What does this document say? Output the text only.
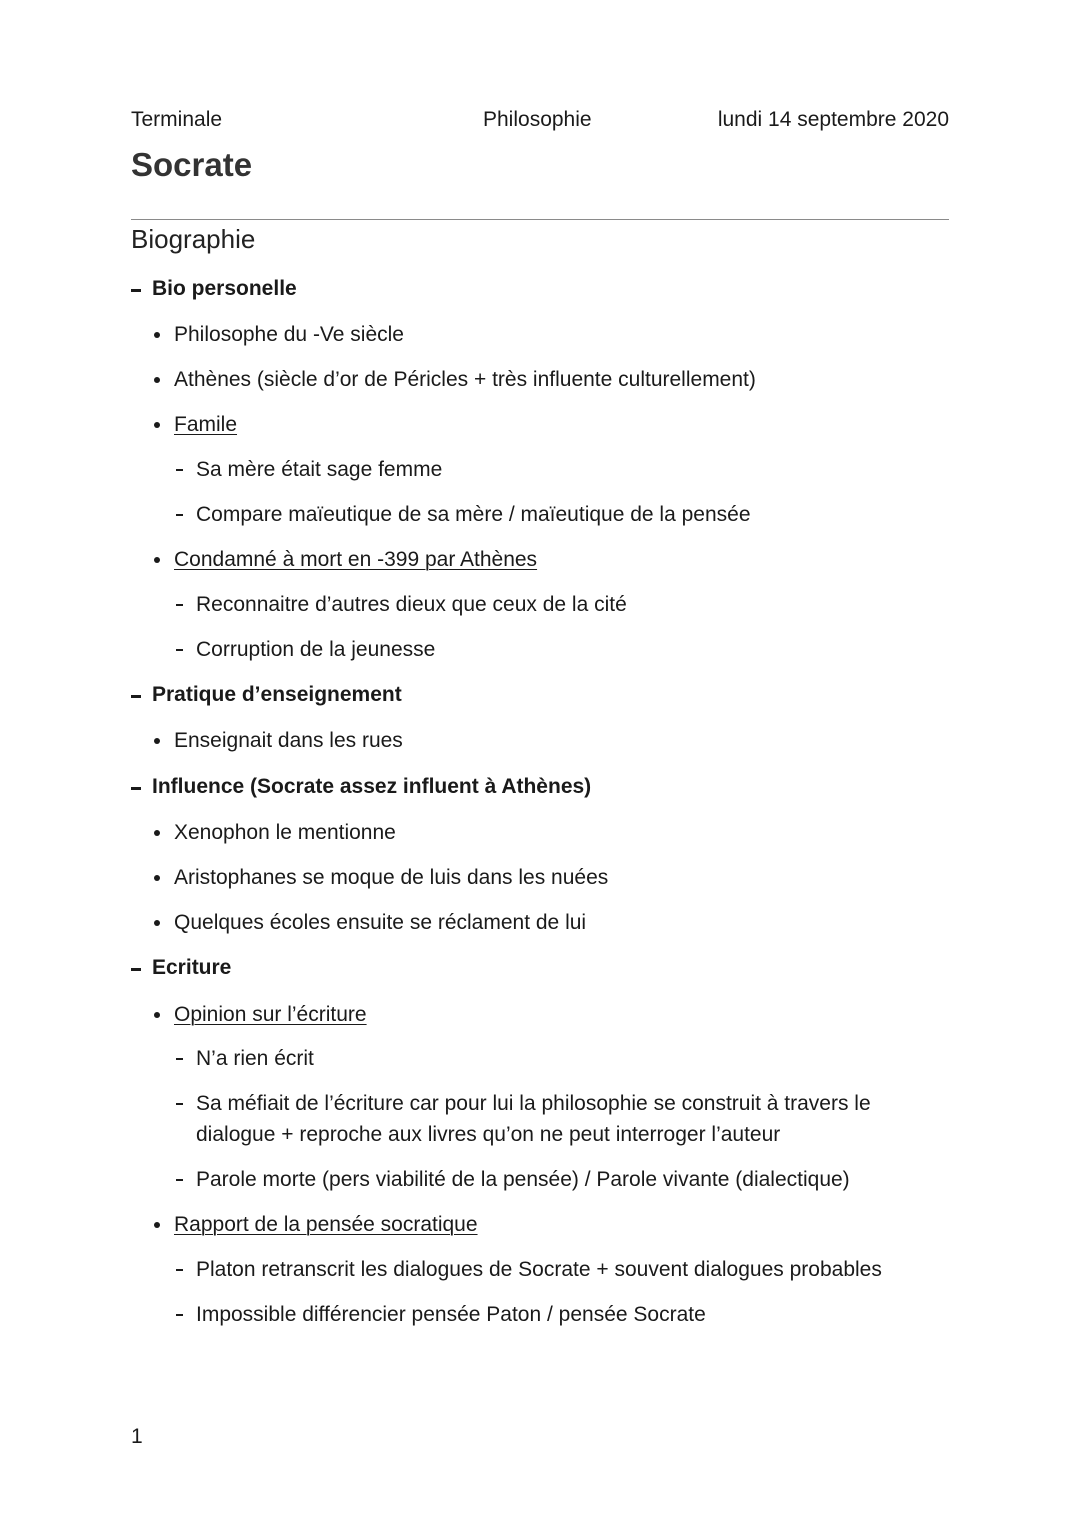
Terminale	Philosophie	lundi 14 septembre 2020
Socrate
Biographie
Bio personelle
Philosophe du -Ve siècle
Athènes (siècle d’or de Péricles + très influente culturellement)
Famile
Sa mère était sage femme
Compare maïeutique de sa mère / maïeutique de la pensée
Condamné à mort en -399 par Athènes
Reconnaitre d’autres dieux que ceux de la cité
Corruption de la jeunesse
Pratique d’enseignement
Enseignait dans les rues
Influence (Socrate assez influent à Athènes)
Xenophon le mentionne
Aristophanes se moque de luis dans les nuées
Quelques écoles ensuite se réclament de lui
Ecriture
Opinion sur l’écriture
N’a rien écrit
Sa méfiait de l’écriture car pour lui la philosophie se construit à travers le dialogue + reproche aux livres qu’on ne peut interroger l’auteur
Parole morte (pers viabilité de la pensée) / Parole vivante (dialectique)
Rapport de la pensée socratique
Platon retranscrit les dialogues de Socrate + souvent dialogues probables
Impossible différencier pensée Paton / pensée Socrate
1
